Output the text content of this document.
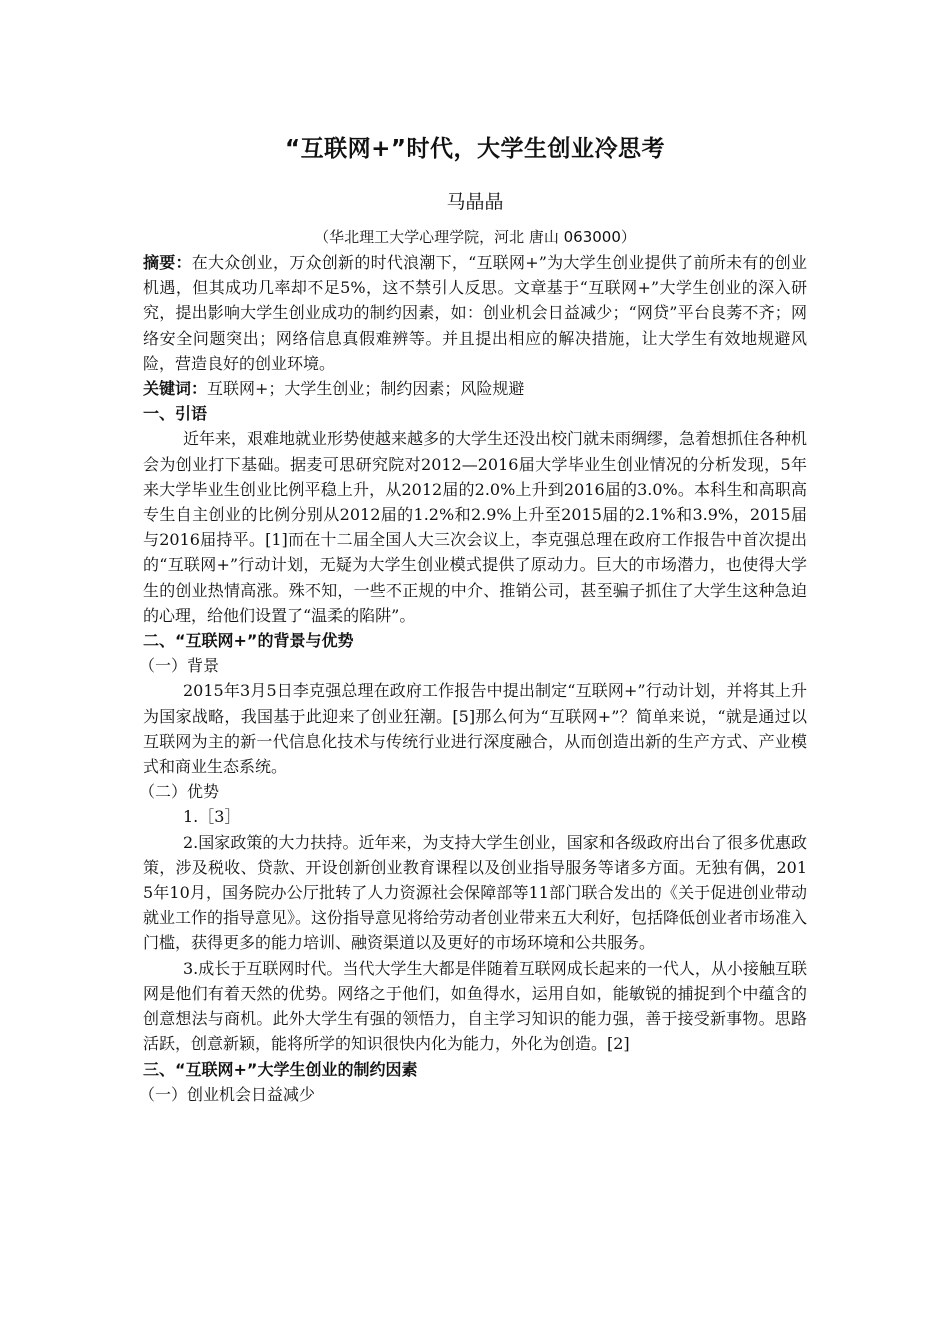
“互联网+”时代，大学生创业冷思考
马晶晶
（华北理工大学心理学院，河北 唐山 063000）

摘要：在大众创业，万众创新的时代浪潮下，“互联网+”为大学生创业提供了前所未有的创业机遇，但其成功几率却不足5%，这不禁引人反思。文章基于“互联网+”大学生创业的深入研究，提出影响大学生创业成功的制约因素，如：创业机会日益减少；“网贷”平台良莠不齐；网络安全问题突出；网络信息真假难辨等。并且提出相应的解决措施，让大学生有效地规避风险，营造良好的创业环境。

关键词：互联网+；大学生创业；制约因素；风险规避

一、引语

近年来，艰难地就业形势使越来越多的大学生还没出校门就未雨绸缪，急着想抓住各种机会为创业打下基础。据麦可思研究院对2012—2016届大学毕业生创业情况的分析发现，5年来大学毕业生创业比例平稳上升，从2012届的2.0%上升到2016届的3.0%。本科生和高职高专生自主创业的比例分别从2012届的1.2%和2.9%上升至2015届的2.1%和3.9%，2015届与2016届持平。[1]而在十二届全国人大三次会议上，李克强总理在政府工作报告中首次提出的“互联网+”行动计划，无疑为大学生创业模式提供了原动力。巨大的市场潜力，也使得大学生的创业热情高涨。殊不知，一些不正规的中介、推销公司，甚至骗子抓住了大学生这种急迫的心理，给他们设置了“温柔的陷阱”。

二、“互联网+”的背景与优势

（一）背景

2015年3月5日李克强总理在政府工作报告中提出制定“互联网+”行动计划，并将其上升为国家战略，我国基于此迎来了创业狂潮。[5]那么何为“互联网+”？简单来说，“就是通过以互联网为主的新一代信息化技术与传统行业进行深度融合，从而创造出新的生产方式、产业模式和商业生态系统。

（二）优势

1.［3］

2.国家政策的大力扶持。近年来，为支持大学生创业，国家和各级政府出台了很多优惠政策，涉及税收、贷款、开设创新创业教育课程以及创业指导服务等诸多方面。无独有偶，2015年10月，国务院办公厅批转了人力资源社会保障部等11部门联合发出的《关于促进创业带动就业工作的指导意见》。这份指导意见将给劳动者创业带来五大利好，包括降低创业者市场准入门槛，获得更多的能力培训、融资渠道以及更好的市场环境和公共服务。

3.成长于互联网时代。当代大学生大都是伴随着互联网成长起来的一代人，从小接触互联网是他们有着天然的优势。网络之于他们，如鱼得水，运用自如，能敏锐的捕捉到个中蕴含的创意想法与商机。此外大学生有强的领悟力，自主学习知识的能力强，善于接受新事物。思路活跃，创意新颖，能将所学的知识很快内化为能力，外化为创造。[2]

三、“互联网+”大学生创业的制约因素

（一）创业机会日益减少
